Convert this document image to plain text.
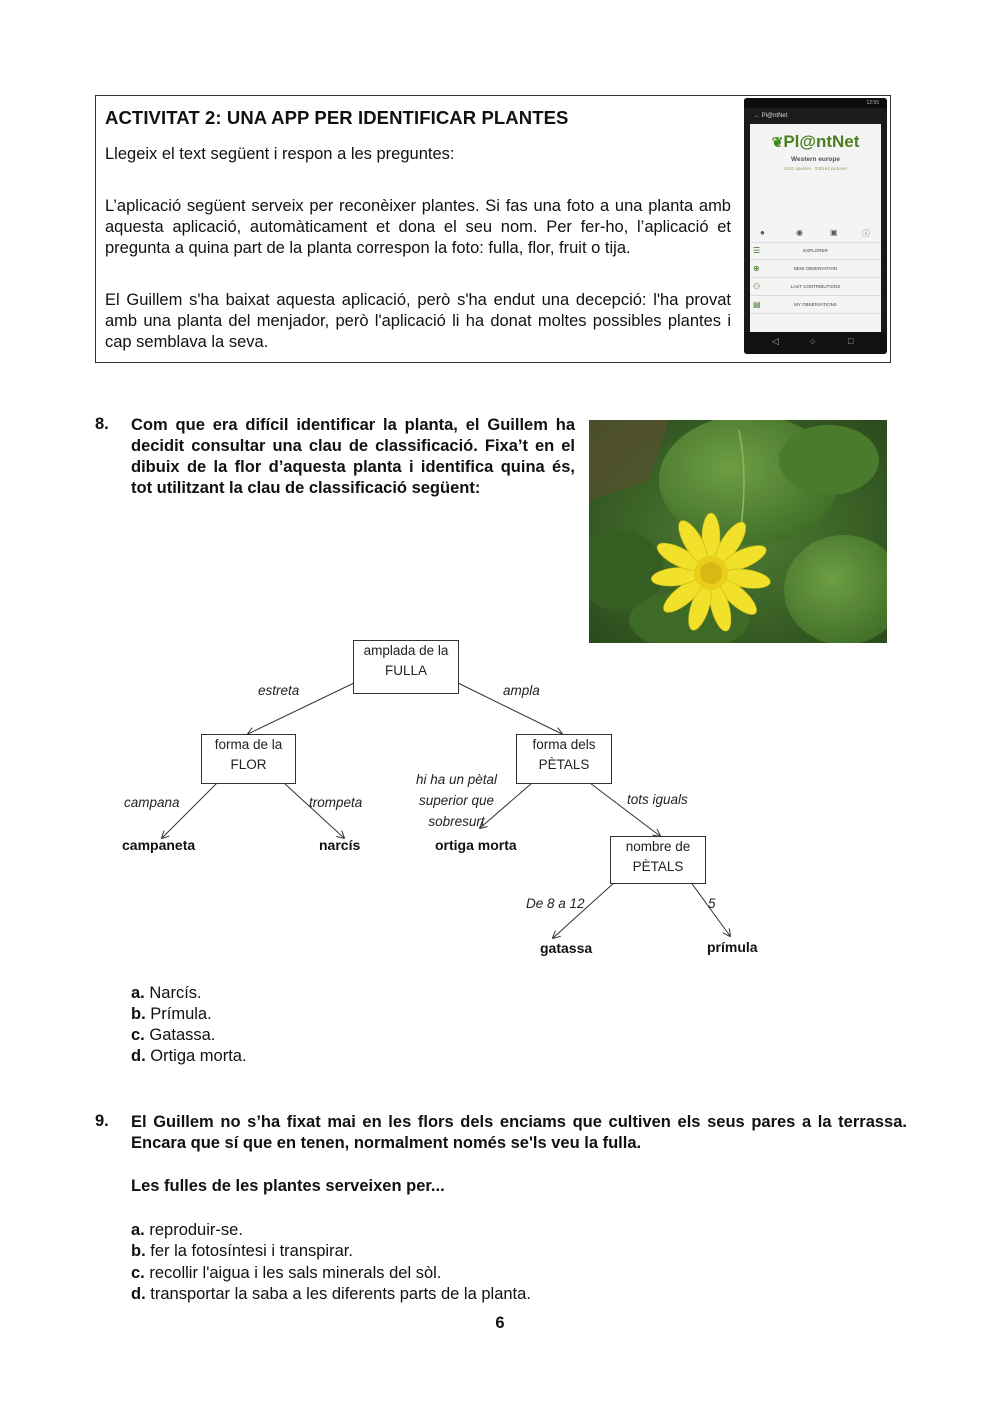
ACTIVITAT 2: UNA APP PER IDENTIFICAR PLANTES
Llegeix el text següent i respon a les preguntes:
L’aplicació següent serveix per reconèixer plantes. Si fas una foto a una planta amb aquesta aplicació, automàticament et dona el seu nom. Per fer-ho, l’aplicació et pregunta a quina part de la planta correspon la foto: fulla, flor, fruit o tija.
El Guillem s'ha baixat aquesta aplicació, però s'ha endut una decepció: l'ha provat amb una planta del menjador, però l'aplicació li ha donat moltes possibles plantes i cap semblava la seva.
12:55
← Pl@ntNet
❦Pl@ntNet
Western europe
6141 species · 238164 pictures
●	◉	▣	ⓘ
☰	EXPLORER
⊕	NEW OBSERVATION
⚇	LAST CONTRIBUTIONS
▤	MY OBSERVATIONS
◁	○	□
8. Com que era difícil identificar la planta, el Guillem ha decidit consultar una clau de classificació. Fixa’t en el dibuix de la flor d’aquesta planta i identifica quina és, tot utilitzant la clau de classificació següent:
amplada de la
FULLA
forma de la
FLOR
forma dels
PÈTALS
nombre de
PÈTALS
estreta	ampla
campana	trompeta
hi ha un pètal
superior que
sobresurt
tots iguals
De 8 a 12	5
campaneta	narcís	ortiga morta
gatassa	prímula
a. Narcís.
b. Prímula.
c. Gatassa.
d. Ortiga morta.
9. El Guillem no s’ha fixat mai en les flors dels enciams que cultiven els seus pares a la terrassa. Encara que sí que en tenen, normalment només se'ls veu la fulla.
Les fulles de les plantes serveixen per...
a. reproduir-se.
b. fer la fotosíntesi i transpirar.
c. recollir l'aigua i les sals minerals del sòl.
d. transportar la saba a les diferents parts de la planta.
6
